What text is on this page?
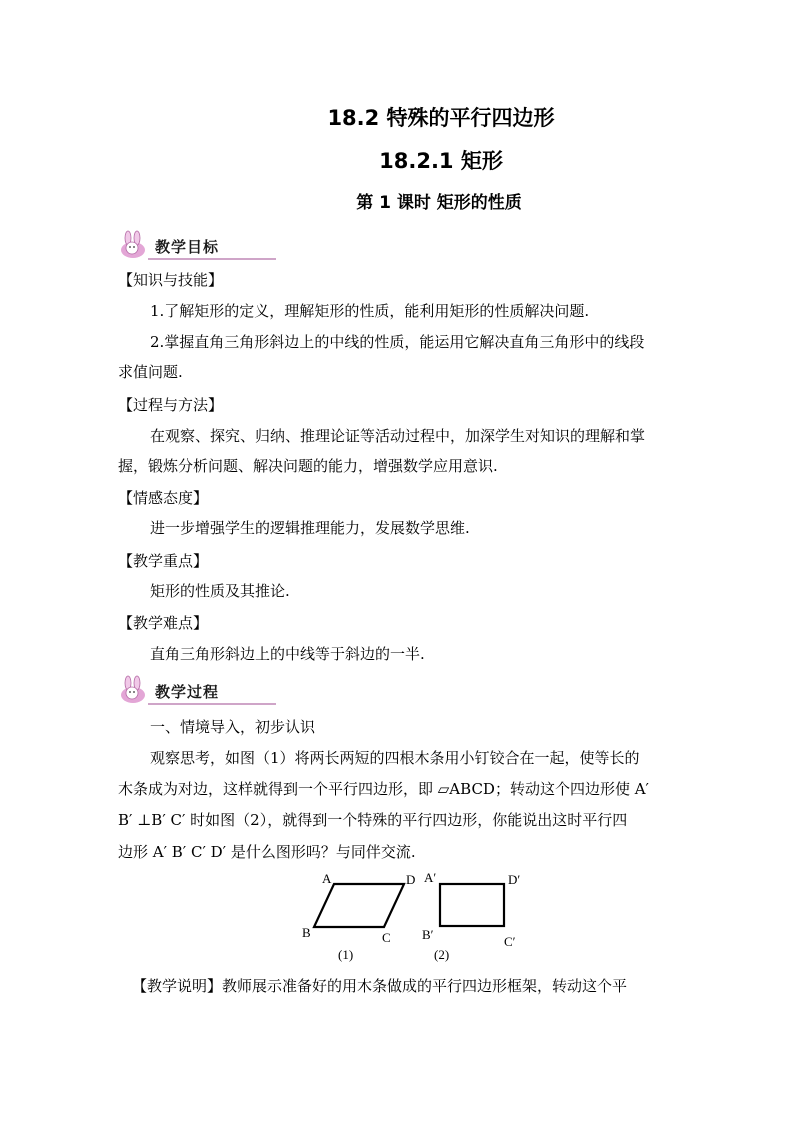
18.2 特殊的平行四边形
18.2.1 矩形
第 1 课时 矩形的性质
教学目标
【知识与技能】
1.了解矩形的定义，理解矩形的性质，能利用矩形的性质解决问题.
2.掌握直角三角形斜边上的中线的性质，能运用它解决直角三角形中的线段
求值问题.
【过程与方法】
在观察、探究、归纳、推理论证等活动过程中，加深学生对知识的理解和掌
握，锻炼分析问题、解决问题的能力，增强数学应用意识.
【情感态度】
进一步增强学生的逻辑推理能力，发展数学思维.
【教学重点】
矩形的性质及其推论.
【教学难点】
直角三角形斜边上的中线等于斜边的一半.
教学过程
一、情境导入，初步认识
观察思考，如图（1）将两长两短的四根木条用小钉铰合在一起，使等长的
木条成为对边，这样就得到一个平行四边形，即 ▱ABCD；转动这个四边形使 A′
B′ ⊥B′ C′ 时如图（2），就得到一个特殊的平行四边形，你能说出这时平行四
边形 A′ B′ C′ D′ 是什么图形吗？与同伴交流.
A	D
B	C
(1)
A′	D′
B′	C′
(2)
【教学说明】教师展示准备好的用木条做成的平行四边形框架，转动这个平
